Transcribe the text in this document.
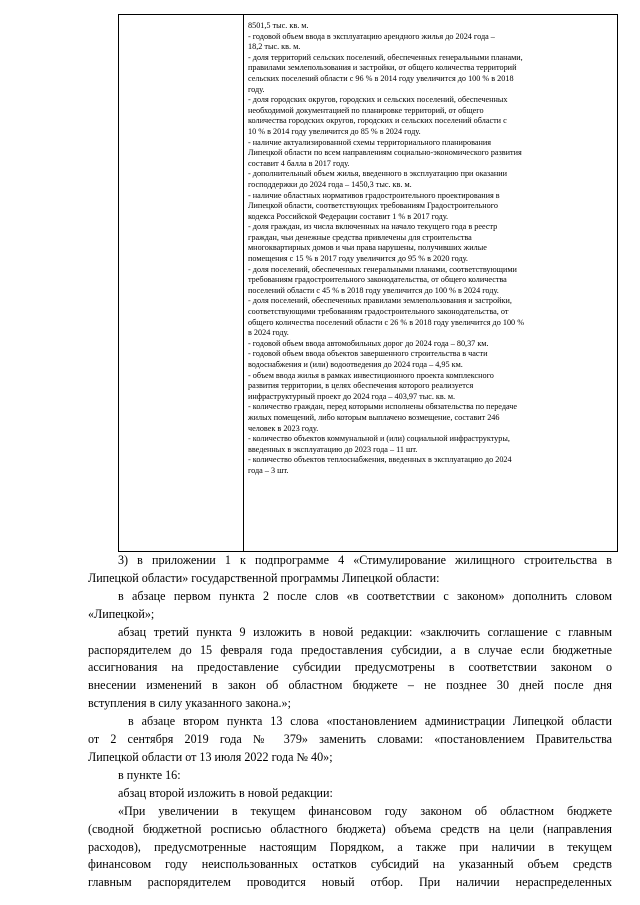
8501,5 тыс. кв. м.
- годовой объем ввода в эксплуатацию арендного жилья до 2024 года –
18,2 тыс. кв. м.
- доля территорий сельских поселений, обеспеченных генеральными планами,
правилами землепользования и застройки, от общего количества территорий
сельских поселений области с 96 % в 2014 году увеличится до 100 % в 2018
году.
- доля городских округов, городских и сельских поселений, обеспеченных
необходимой документацией по планировке территорий, от общего
количества городских округов, городских и сельских поселений области с
10 % в 2014 году увеличится до 85 % в 2024 году.
- наличие актуализированной схемы территориального планирования
Липецкой области по всем направлениям социально-экономического развития
составит 4 балла в 2017 году.
- дополнительный объем жилья, введенного в эксплуатацию при оказании
господдержки до 2024 года – 1450,3 тыс. кв. м.
- наличие областных нормативов градостроительного проектирования в
Липецкой области, соответствующих требованиям Градостроительного
кодекса Российской Федерации составит 1 % в 2017 году.
- доля граждан, из числа включенных на начало текущего года в реестр
граждан, чьи денежные средства привлечены для строительства
многоквартирных домов и чьи права нарушены, получивших жилые
помещения с 15 % в 2017 году увеличится до 95 % в 2020 году.
- доля поселений, обеспеченных генеральными планами, соответствующими
требованиям градостроительного законодательства, от общего количества
поселений области с 45 % в 2018 году увеличится до 100 % в 2024 году.
- доля поселений, обеспеченных правилами землепользования и застройки,
соответствующими требованиям градостроительного законодательства, от
общего количества поселений области с 26 % в 2018 году увеличится до 100 %
в 2024 году.
- годовой объем ввода автомобильных дорог до 2024 года – 80,37 км.
- годовой объем ввода объектов завершенного строительства в части
водоснабжения и (или) водоотведения до 2024 года – 4,95 км.
- объем ввода жилья в рамках инвестиционного проекта комплексного
развития территории, в целях обеспечения которого реализуется
инфраструктурный проект до 2024 года – 403,97 тыс. кв. м.
- количество граждан, перед которыми исполнены обязательства по передаче
жилых помещений, либо которым выплачено возмещение, составит 246
человек в 2023 году.
- количество объектов коммунальной и (или) социальной инфраструктуры,
введенных в эксплуатацию до 2023 года – 11 шт.
- количество объектов теплоснабжения, введенных в эксплуатацию до 2024
года – 3 шт.
3) в приложении 1 к подпрограмме 4 «Стимулирование жилищного строительства в
Липецкой области» государственной программы Липецкой области:
в абзаце первом пункта 2 после слов «в соответствии с законом» дополнить словом
«Липецкой»;
абзац третий пункта 9 изложить в новой редакции: «заключить соглашение с главным
распорядителем до 15 февраля года предоставления субсидии, а в случае если бюджетные
ассигнования на предоставление субсидии предусмотрены в соответствии законом о
внесении изменений в закон об областном бюджете – не позднее 30 дней после дня
вступления в силу указанного закона.»;
в абзаце втором пункта 13 слова «постановлением администрации Липецкой области
от 2 сентября 2019 года № 379» заменить словами: «постановлением Правительства
Липецкой области от 13 июля 2022 года № 40»;
в пункте 16:
абзац второй изложить в новой редакции:
«При увеличении в текущем финансовом году законом об областном бюджете
(сводной бюджетной росписью областного бюджета) объема средств на цели (направления
расходов), предусмотренные настоящим Порядком, а также при наличии в текущем
финансовом году неиспользованных остатков субсидий на указанный объем средств
главным распорядителем проводится новый отбор. При наличии нераспределенных
